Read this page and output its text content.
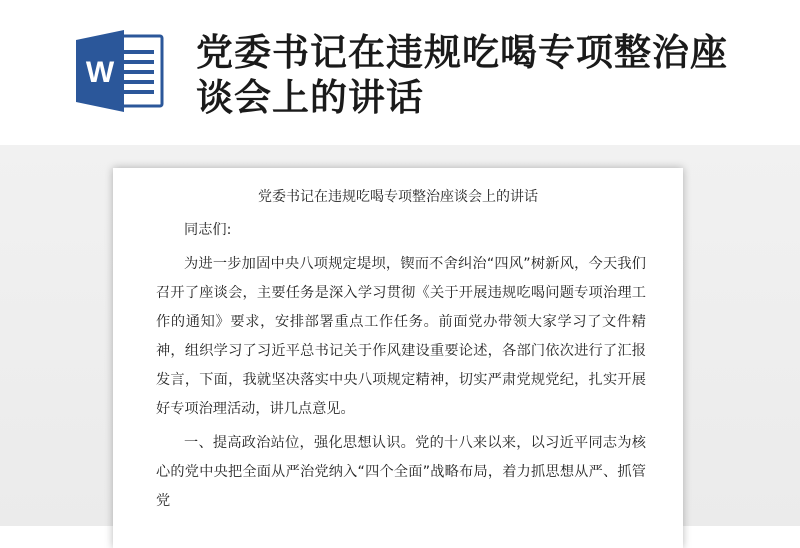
W 党委书记在违规吃喝专项整治座谈会上的讲话
党委书记在违规吃喝专项整治座谈会上的讲话

同志们:

为进一步加固中央八项规定堤坝，锲而不舍纠治“四风”树新风，今天我们召开了座谈会，主要任务是深入学习贯彻《关于开展违规吃喝问题专项治理工作的通知》要求，安排部署重点工作任务。前面党办带领大家学习了文件精神，组织学习了习近平总书记关于作风建设重要论述，各部门依次进行了汇报发言，下面，我就坚决落实中央八项规定精神，切实严肃党规党纪，扎实开展好专项治理活动，讲几点意见。

一、提高政治站位，强化思想认识。党的十八来以来，以习近平同志为核心的党中央把全面从严治党纳入“四个全面”战略布局，着力抓思想从严、抓管党
